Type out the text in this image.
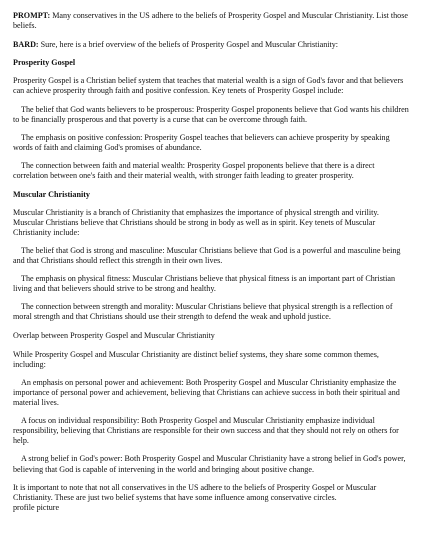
PROMPT: Many conservatives in the US adhere to the beliefs of Prosperity Gospel and Muscular Christianity. List those beliefs.

BARD: Sure, here is a brief overview of the beliefs of Prosperity Gospel and Muscular Christianity:

Prosperity Gospel

Prosperity Gospel is a Christian belief system that teaches that material wealth is a sign of God's favor and that believers can achieve prosperity through faith and positive confession. Key tenets of Prosperity Gospel include:

The belief that God wants believers to be prosperous: Prosperity Gospel proponents believe that God wants his children to be financially prosperous and that poverty is a curse that can be overcome through faith.

The emphasis on positive confession: Prosperity Gospel teaches that believers can achieve prosperity by speaking words of faith and claiming God's promises of abundance.

The connection between faith and material wealth: Prosperity Gospel proponents believe that there is a direct correlation between one's faith and their material wealth, with stronger faith leading to greater prosperity.

Muscular Christianity

Muscular Christianity is a branch of Christianity that emphasizes the importance of physical strength and virility. Muscular Christians believe that Christians should be strong in body as well as in spirit. Key tenets of Muscular Christianity include:

The belief that God is strong and masculine: Muscular Christians believe that God is a powerful and masculine being and that Christians should reflect this strength in their own lives.

The emphasis on physical fitness: Muscular Christians believe that physical fitness is an important part of Christian living and that believers should strive to be strong and healthy.

The connection between strength and morality: Muscular Christians believe that physical strength is a reflection of moral strength and that Christians should use their strength to defend the weak and uphold justice.

Overlap between Prosperity Gospel and Muscular Christianity

While Prosperity Gospel and Muscular Christianity are distinct belief systems, they share some common themes, including:

An emphasis on personal power and achievement: Both Prosperity Gospel and Muscular Christianity emphasize the importance of personal power and achievement, believing that Christians can achieve success in both their spiritual and material lives.

A focus on individual responsibility: Both Prosperity Gospel and Muscular Christianity emphasize individual responsibility, believing that Christians are responsible for their own success and that they should not rely on others for help.

A strong belief in God's power: Both Prosperity Gospel and Muscular Christianity have a strong belief in God's power, believing that God is capable of intervening in the world and bringing about positive change.

It is important to note that not all conservatives in the US adhere to the beliefs of Prosperity Gospel or Muscular Christianity. These are just two belief systems that have some influence among conservative circles.

profile picture
